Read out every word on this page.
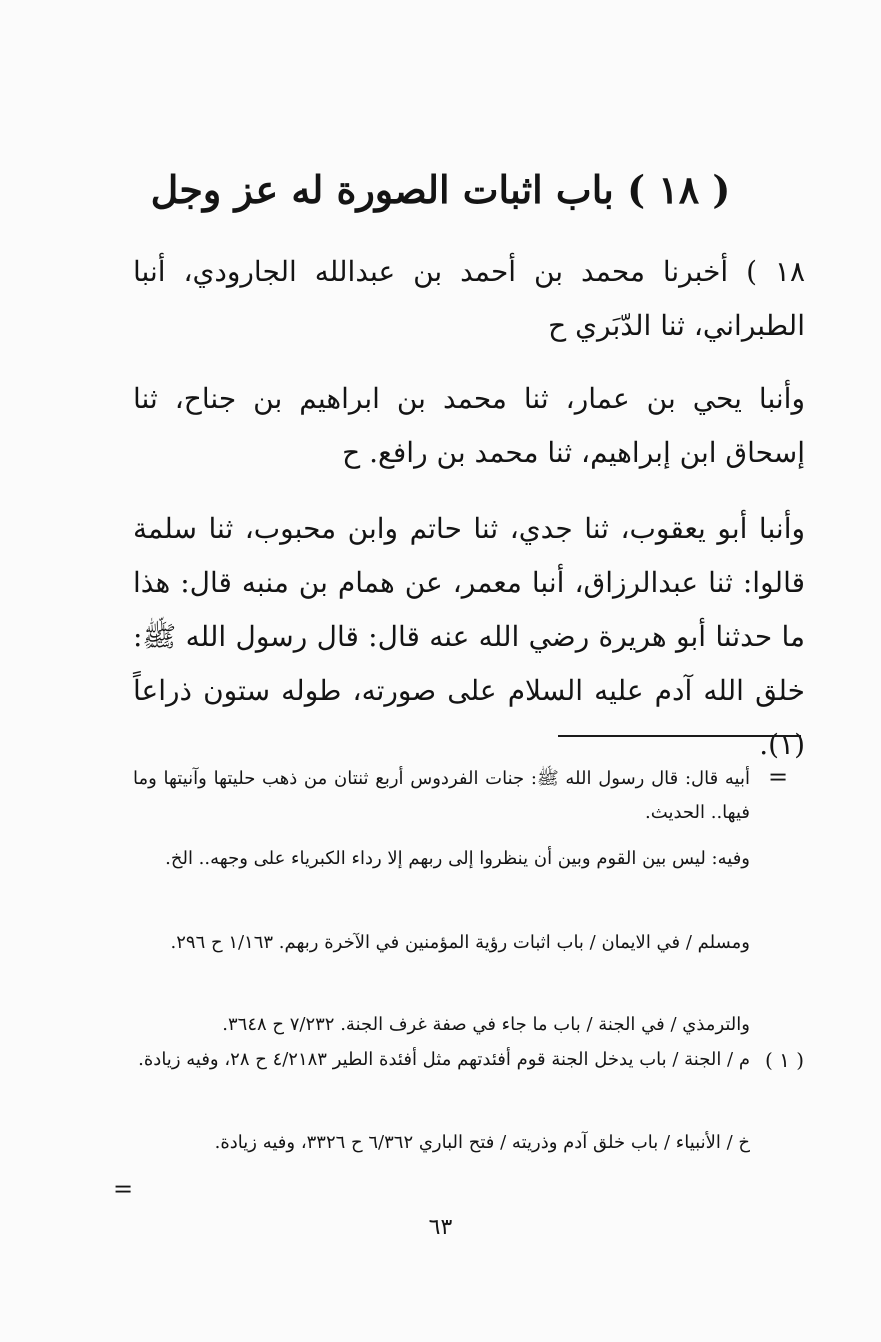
( ١٨ ) باب اثبات الصورة له عز وجل

١٨ ) أخبرنا محمد بن أحمد بن عبدالله الجارودي، أنبا الطبراني، ثنا الدّبَري ح

وأنبا يحي بن عمار، ثنا محمد بن ابراهيم بن جناح، ثنا إسحاق ابن إبراهيم، ثنا محمد بن رافع. ح

وأنبا أبو يعقوب، ثنا جدي، ثنا حاتم وابن محبوب، ثنا سلمة قالوا: ثنا عبدالرزاق، أنبا معمر، عن همام بن منبه قال: هذا ما حدثنا أبو هريرة رضي الله عنه قال: قال رسول الله ﷺ: خلق الله آدم عليه السلام على صورته، طوله ستون ذراعاً (١).

=

أبيه قال: قال رسول الله ﷺ: جنات الفردوس أربع ثنتان من ذهب حليتها وآنيتها وما فيها.. الحديث.

وفيه: ليس بين القوم وبين أن ينظروا إلى ربهم إلا رداء الكبرياء على وجهه.. الخ.

ومسلم / في الايمان / باب اثبات رؤية المؤمنين في الآخرة ربهم. ١/١٦٣ ح ٢٩٦.

والترمذي / في الجنة / باب ما جاء في صفة غرف الجنة. ٧/٢٣٢ ح ٣٦٤٨.

( ١ )

م / الجنة / باب يدخل الجنة قوم أفئدتهم مثل أفئدة الطير ٤/٢١٨٣ ح ٢٨، وفيه زيادة.

خ / الأنبياء / باب خلق آدم وذريته / فتح الباري ٦/٣٦٢ ح ٣٣٢٦، وفيه زيادة.

=
٦٣
